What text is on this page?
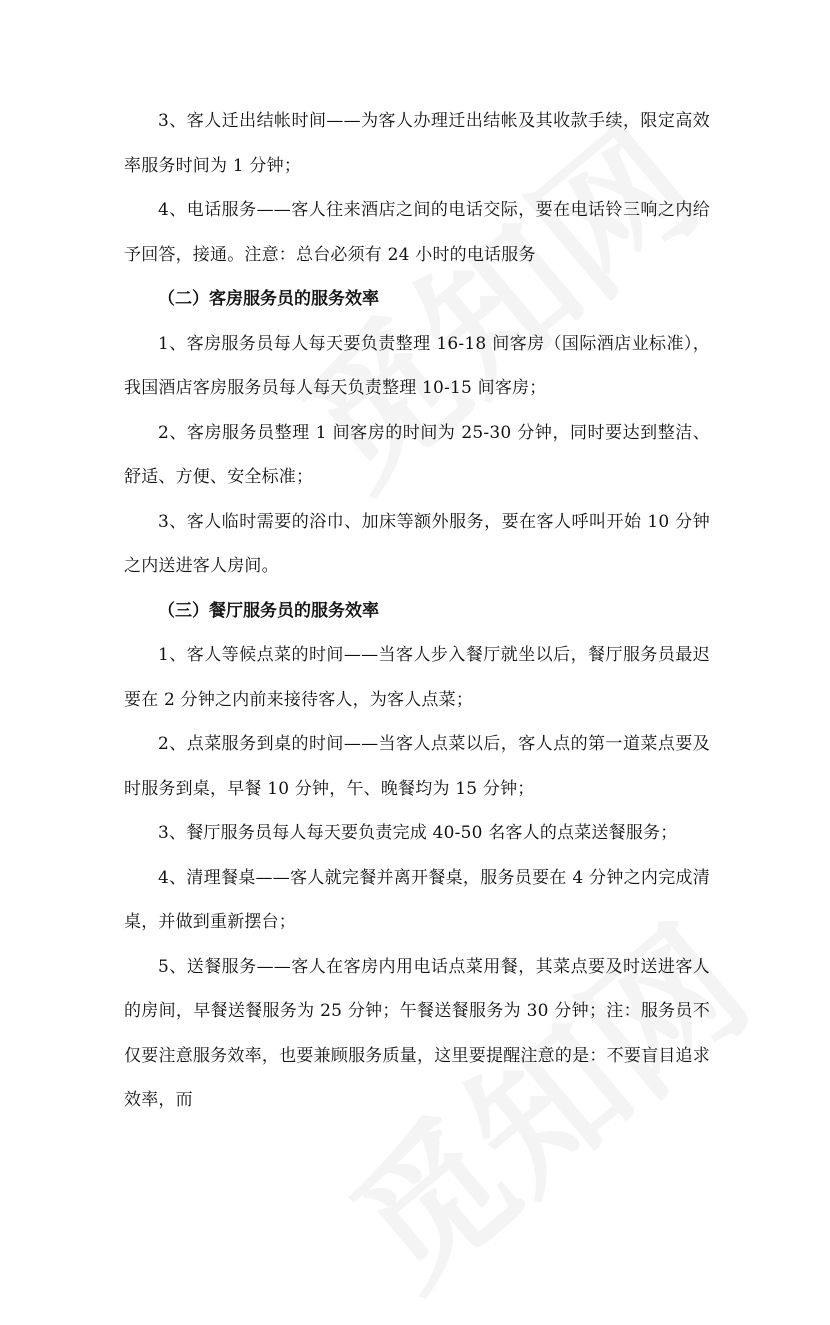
3、客人迁出结帐时间——为客人办理迁出结帐及其收款手续，限定高效率服务时间为 1 分钟；

4、电话服务——客人往来酒店之间的电话交际，要在电话铃三响之内给予回答，接通。注意：总台必须有 24 小时的电话服务

（二）客房服务员的服务效率

1、客房服务员每人每天要负责整理 16-18 间客房（国际酒店业标准），我国酒店客房服务员每人每天负责整理 10-15 间客房；

2、客房服务员整理 1 间客房的时间为 25-30 分钟，同时要达到整洁、舒适、方便、安全标准；

3、客人临时需要的浴巾、加床等额外服务，要在客人呼叫开始 10 分钟之内送进客人房间。

（三）餐厅服务员的服务效率

1、客人等候点菜的时间——当客人步入餐厅就坐以后，餐厅服务员最迟要在 2 分钟之内前来接待客人，为客人点菜；

2、点菜服务到桌的时间——当客人点菜以后，客人点的第一道菜点要及时服务到桌，早餐 10 分钟，午、晚餐均为 15 分钟；

3、餐厅服务员每人每天要负责完成 40-50 名客人的点菜送餐服务；

4、清理餐桌——客人就完餐并离开餐桌，服务员要在 4 分钟之内完成清桌，并做到重新摆台；

5、送餐服务——客人在客房内用电话点菜用餐，其菜点要及时送进客人的房间，早餐送餐服务为 25 分钟；午餐送餐服务为 30 分钟；注：服务员不仅要注意服务效率，也要兼顾服务质量，这里要提醒注意的是：不要盲目追求效率，而
